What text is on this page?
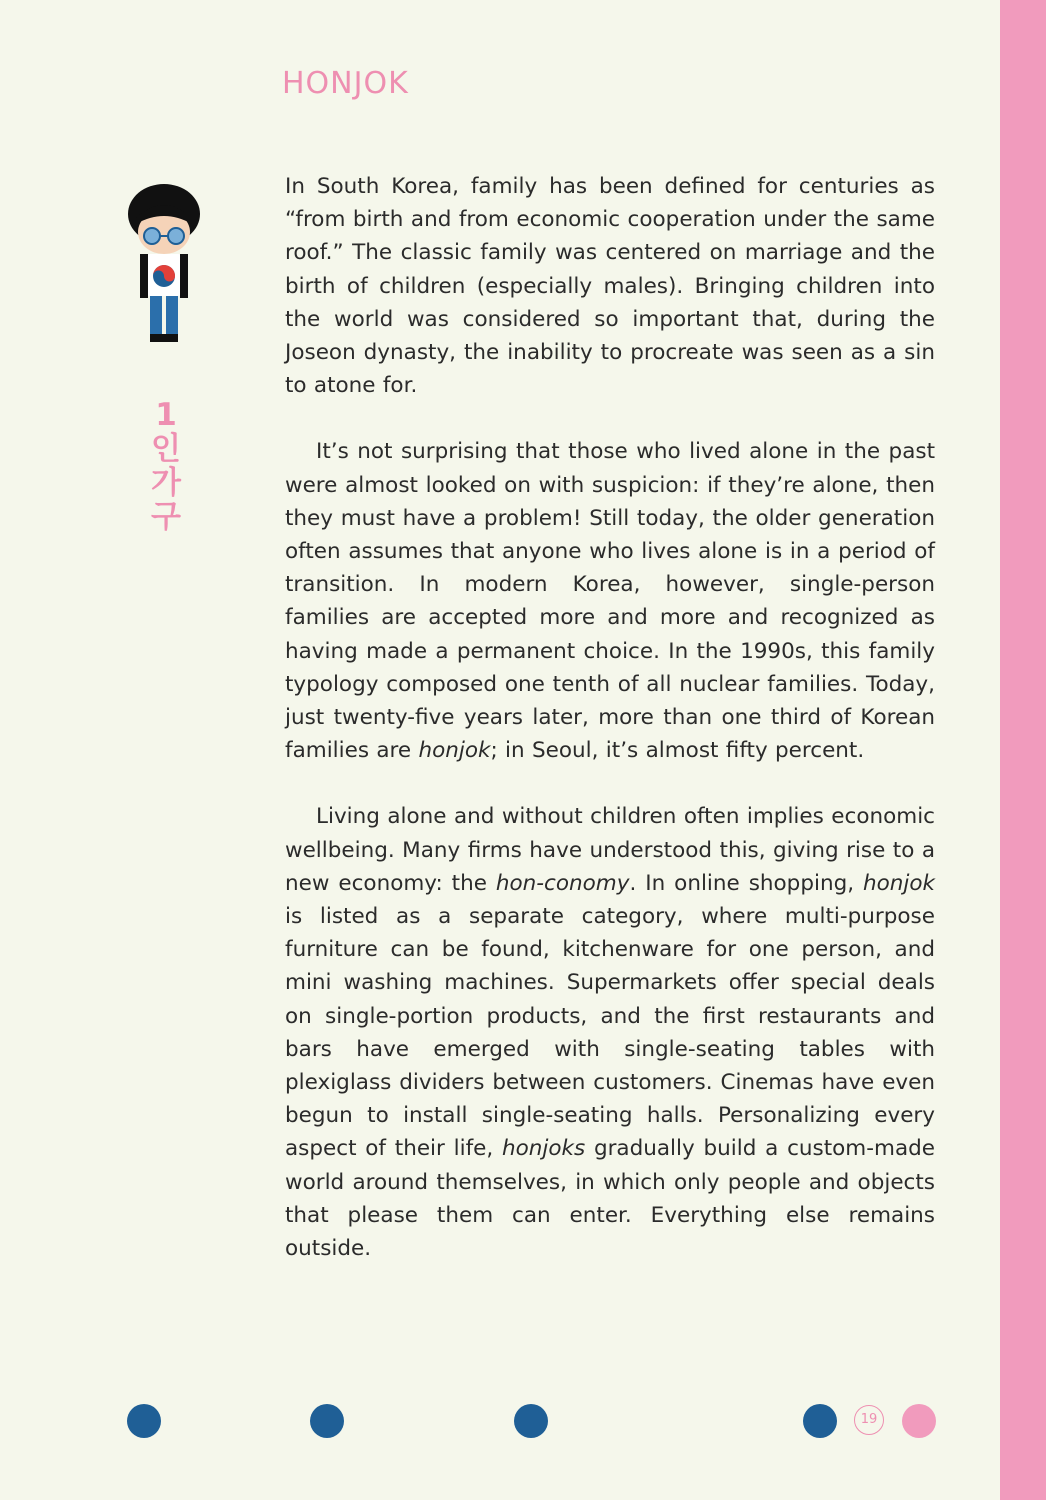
HONJOK
1
인
가
구

In South Korea, family has been defined for centuries as “from birth and from economic cooperation under the same roof.” The classic family was centered on marriage and the birth of children (especially males). Bringing children into the world was considered so important that, during the Joseon dynasty, the inability to procreate was seen as a sin to atone for.

It’s not surprising that those who lived alone in the past were almost looked on with suspicion: if they’re alone, then they must have a problem! Still today, the older generation often assumes that anyone who lives alone is in a period of transition. In modern Korea, however, single-person families are accepted more and more and recognized as having made a permanent choice. In the 1990s, this family typology composed one tenth of all nuclear families. Today, just twenty-five years later, more than one third of Korean families are honjok; in Seoul, it’s almost fifty percent.

Living alone and without children often implies economic wellbeing. Many firms have understood this, giving rise to a new economy: the hon-conomy. In online shopping, honjok is listed as a separate category, where multi-purpose furniture can be found, kitchenware for one person, and mini washing machines. Supermarkets offer special deals on single-portion products, and the first restaurants and bars have emerged with single-seating tables with plexiglass dividers between customers. Cinemas have even begun to install single-seating halls. Personalizing every aspect of their life, honjoks gradually build a custom-made world around themselves, in which only people and objects that please them can enter. Everything else remains outside.

19
